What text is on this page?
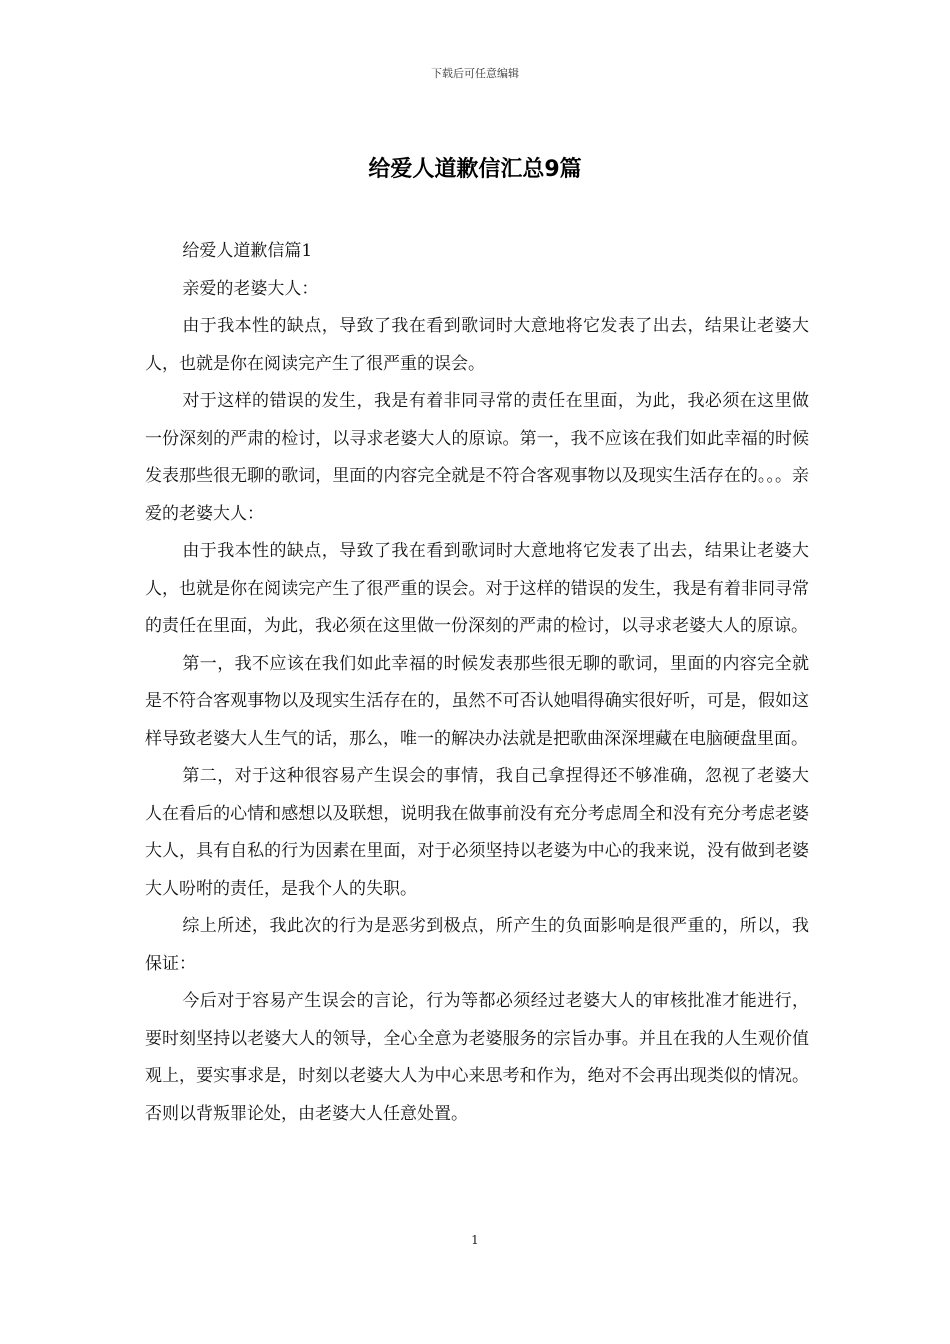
下载后可任意编辑
给爱人道歉信汇总9篇

给爱人道歉信篇1

亲爱的老婆大人：

由于我本性的缺点，导致了我在看到歌词时大意地将它发表了出去，结果让老婆大人，也就是你在阅读完产生了很严重的误会。

对于这样的错误的发生，我是有着非同寻常的责任在里面，为此，我必须在这里做一份深刻的严肃的检讨，以寻求老婆大人的原谅。第一，我不应该在我们如此幸福的时候发表那些很无聊的歌词，里面的内容完全就是不符合客观事物以及现实生活存在的。。。亲爱的老婆大人：

由于我本性的缺点，导致了我在看到歌词时大意地将它发表了出去，结果让老婆大人，也就是你在阅读完产生了很严重的误会。对于这样的错误的发生，我是有着非同寻常的责任在里面，为此，我必须在这里做一份深刻的严肃的检讨，以寻求老婆大人的原谅。

第一，我不应该在我们如此幸福的时候发表那些很无聊的歌词，里面的内容完全就是不符合客观事物以及现实生活存在的，虽然不可否认她唱得确实很好听，可是，假如这样导致老婆大人生气的话，那么，唯一的解决办法就是把歌曲深深埋藏在电脑硬盘里面。

第二，对于这种很容易产生误会的事情，我自己拿捏得还不够准确，忽视了老婆大人在看后的心情和感想以及联想，说明我在做事前没有充分考虑周全和没有充分考虑老婆大人，具有自私的行为因素在里面，对于必须坚持以老婆为中心的我来说，没有做到老婆大人吩咐的责任，是我个人的失职。

综上所述，我此次的行为是恶劣到极点，所产生的负面影响是很严重的，所以，我保证：

今后对于容易产生误会的言论，行为等都必须经过老婆大人的审核批准才能进行，要时刻坚持以老婆大人的领导，全心全意为老婆服务的宗旨办事。并且在我的人生观价值观上，要实事求是，时刻以老婆大人为中心来思考和作为，绝对不会再出现类似的情况。否则以背叛罪论处，由老婆大人任意处置。

1
